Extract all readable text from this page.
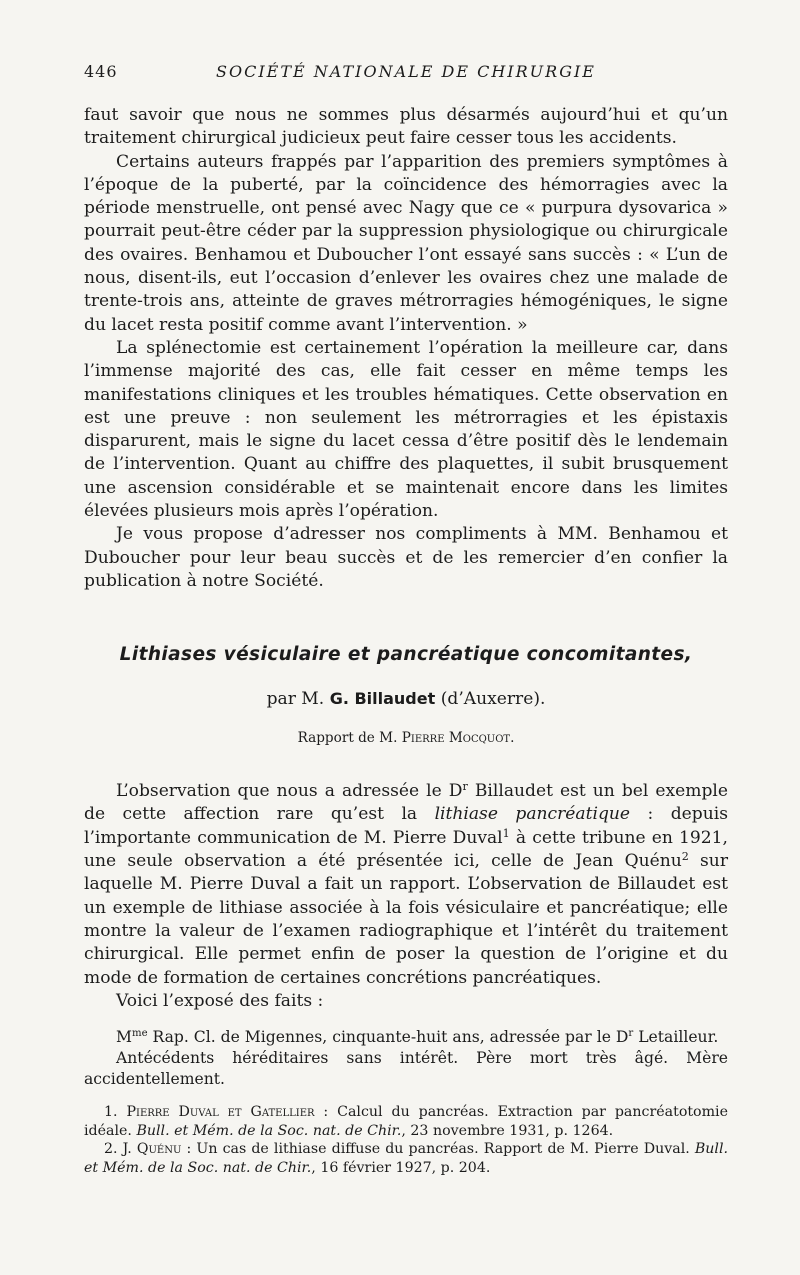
446	SOCIÉTÉ NATIONALE DE CHIRURGIE

faut savoir que nous ne sommes plus désarmés aujourd’hui et qu’un traitement chirurgical judicieux peut faire cesser tous les accidents.

Certains auteurs frappés par l’apparition des premiers symptômes à l’époque de la puberté, par la coïncidence des hémorragies avec la période menstruelle, ont pensé avec Nagy que ce « purpura dysovarica » pourrait peut-être céder par la suppression physiologique ou chirurgicale des ovaires. Benhamou et Duboucher l’ont essayé sans succès : « L’un de nous, disent-ils, eut l’occasion d’enlever les ovaires chez une malade de trente-trois ans, atteinte de graves métrorragies hémogéniques, le signe du lacet resta positif comme avant l’intervention. »

La splénectomie est certainement l’opération la meilleure car, dans l’immense majorité des cas, elle fait cesser en même temps les manifestations cliniques et les troubles hématiques. Cette observation en est une preuve : non seulement les métrorragies et les épistaxis disparurent, mais le signe du lacet cessa d’être positif dès le lendemain de l’intervention. Quant au chiffre des plaquettes, il subit brusquement une ascension considérable et se maintenait encore dans les limites élevées plusieurs mois après l’opération.

Je vous propose d’adresser nos compliments à MM. Benhamou et Duboucher pour leur beau succès et de les remercier d’en confier la publication à notre Société.

Lithiases vésiculaire et pancréatique concomitantes,
par M. G. Billaudet (d’Auxerre).
Rapport de M. Pierre Mocquot.

L’observation que nous a adressée le $D^r$ Billaudet est un bel exemple de cette affection rare qu’est la lithiase pancréatique : depuis l’importante communication de M. Pierre Duval$^1$ à cette tribune en 1921, une seule observation a été présentée ici, celle de Jean Quénu$^2$ sur laquelle M. Pierre Duval a fait un rapport. L’observation de Billaudet est un exemple de lithiase associée à la fois vésiculaire et pancréatique; elle montre la valeur de l’examen radiographique et l’intérêt du traitement chirurgical. Elle permet enfin de poser la question de l’origine et du mode de formation de certaines concrétions pancréatiques.

Voici l’exposé des faits :

$M^{me}$ Rap. Cl. de Migennes, cinquante-huit ans, adressée par le $D^r$ Letailleur.

Antécédents héréditaires sans intérêt. Père mort très âgé. Mère accidentellement.

1. Pierre Duval et Gatellier : Calcul du pancréas. Extraction par pancréatotomie idéale. Bull. et Mém. de la Soc. nat. de Chir., 23 novembre 1931, p. 1264.

2. J. Quénu : Un cas de lithiase diffuse du pancréas. Rapport de M. Pierre Duval. Bull. et Mém. de la Soc. nat. de Chir., 16 février 1927, p. 204.
